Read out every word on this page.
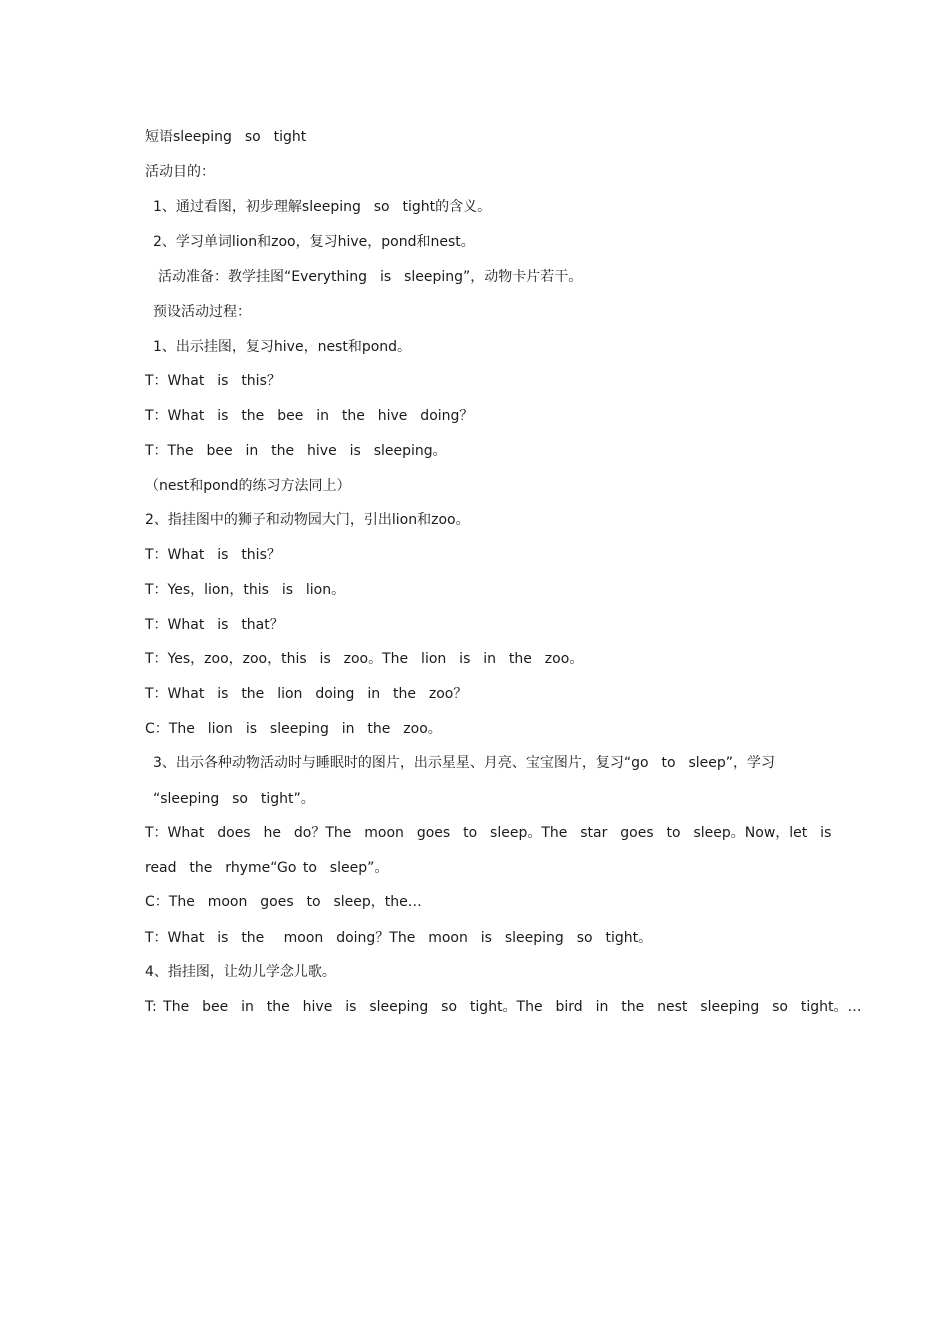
短语sleeping  so  tight
活动目的：
1、通过看图，初步理解sleeping  so  tight的含义。
2、学习单词lion和zoo，复习hive，pond和nest。
活动准备：教学挂图“Everything  is  sleeping”，动物卡片若干。
预设活动过程：
1、出示挂图，复习hive，nest和pond。
T：What  is  this？
T：What  is  the  bee  in  the  hive  doing？
T：The  bee  in  the  hive  is  sleeping。
（nest和pond的练习方法同上）
2、指挂图中的狮子和动物园大门，引出lion和zoo。
T：What  is  this？
T：Yes，lion，this  is  lion。
T：What  is  that？
T：Yes，zoo，zoo，this  is  zoo。The  lion  is  in  the  zoo。
T：What  is  the  lion  doing  in  the  zoo？
C：The  lion  is  sleeping  in  the  zoo。
3、出示各种动物活动时与睡眠时的图片，出示星星、月亮、宝宝图片，复习“go  to  sleep”，学习
“sleeping  so  tight”。
T：What  does  he  do？The  moon  goes  to  sleep。The  star  goes  to  sleep。Now，let  is
read  the  rhyme“Go to  sleep”。
C：The  moon  goes  to  sleep，the…
T：What  is  the   moon  doing？The  moon  is  sleeping  so  tight。
4、指挂图，让幼儿学念儿歌。
T: The  bee  in  the  hive  is  sleeping  so  tight。The  bird  in  the  nest  sleeping  so  tight。…
